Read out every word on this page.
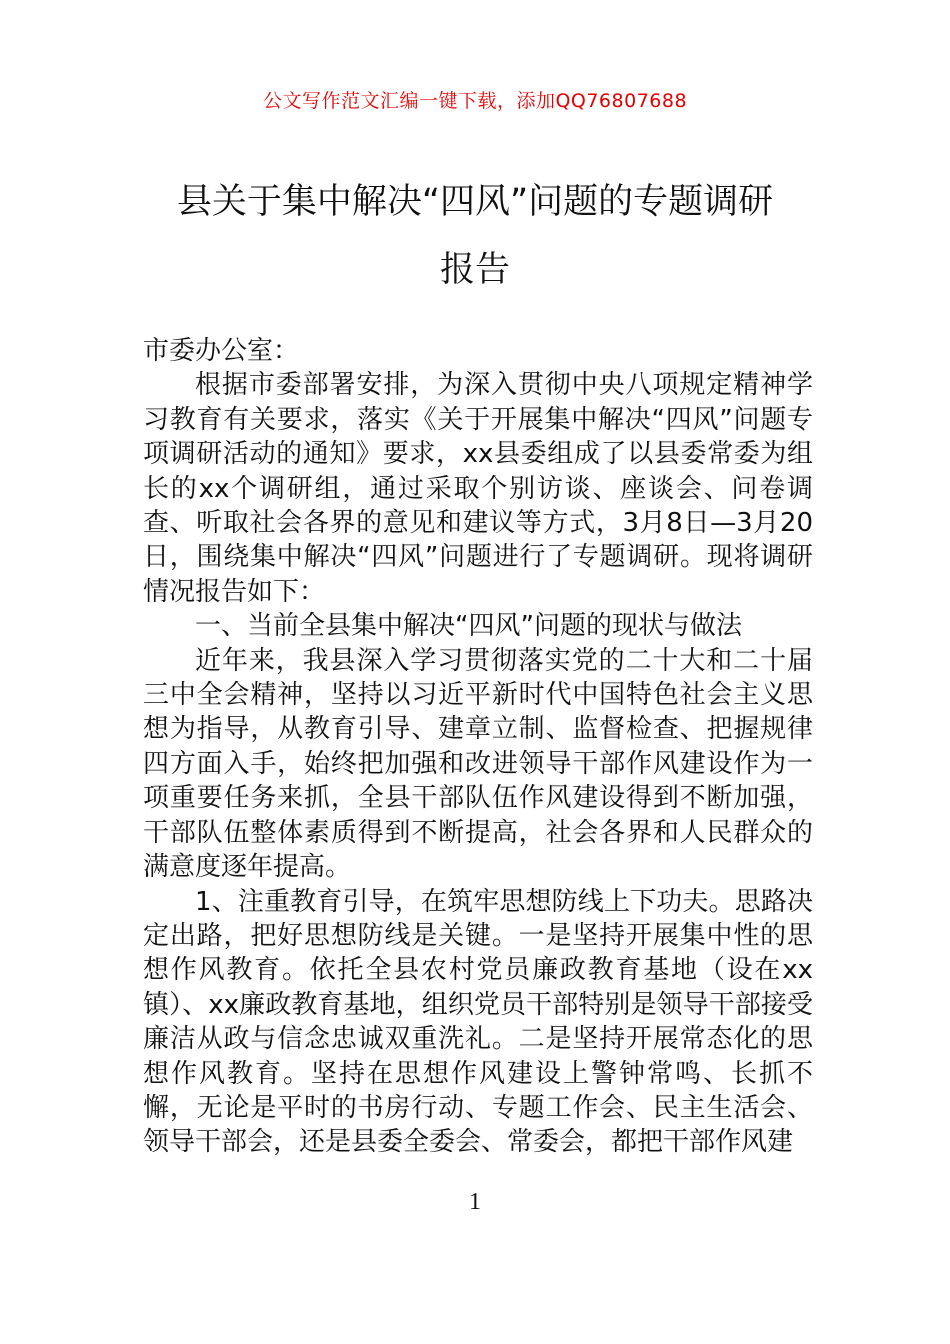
公文写作范文汇编一键下载，添加QQ76807688
县关于集中解决“四风”问题的专题调研
报告

市委办公室：

根据市委部署安排，为深入贯彻中央八项规定精神学习教育有关要求，落实《关于开展集中解决“四风”问题专项调研活动的通知》要求，xx县委组成了以县委常委为组长的xx个调研组，通过采取个别访谈、座谈会、问卷调查、听取社会各界的意见和建议等方式，3月8日—3月20日，围绕集中解决“四风”问题进行了专题调研。现将调研情况报告如下：

一、当前全县集中解决“四风”问题的现状与做法

近年来，我县深入学习贯彻落实党的二十大和二十届三中全会精神，坚持以习近平新时代中国特色社会主义思想为指导，从教育引导、建章立制、监督检查、把握规律四方面入手，始终把加强和改进领导干部作风建设作为一项重要任务来抓，全县干部队伍作风建设得到不断加强，干部队伍整体素质得到不断提高，社会各界和人民群众的满意度逐年提高。

1、注重教育引导，在筑牢思想防线上下功夫。思路决定出路，把好思想防线是关键。一是坚持开展集中性的思想作风教育。依托全县农村党员廉政教育基地（设在xx镇）、xx廉政教育基地，组织党员干部特别是领导干部接受廉洁从政与信念忠诚双重洗礼。二是坚持开展常态化的思想作风教育。坚持在思想作风建设上警钟常鸣、长抓不懈，无论是平时的书房行动、专题工作会、民主生活会、领导干部会，还是县委全委会、常委会，都把干部作风建

1
